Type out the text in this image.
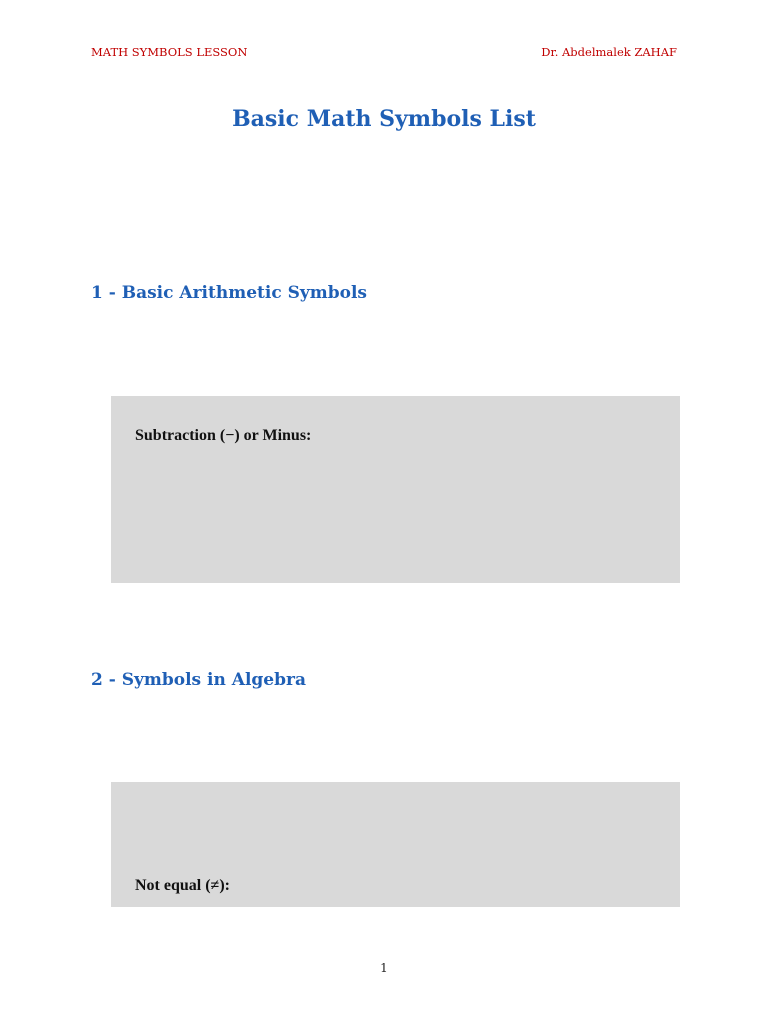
MATH SYMBOLS LESSON	Dr. Abdelmalek ZAHAF
Basic Math Symbols List
1 - Basic Arithmetic Symbols
Subtraction (−) or Minus:
2 - Symbols in Algebra
Not equal (≠):
1
